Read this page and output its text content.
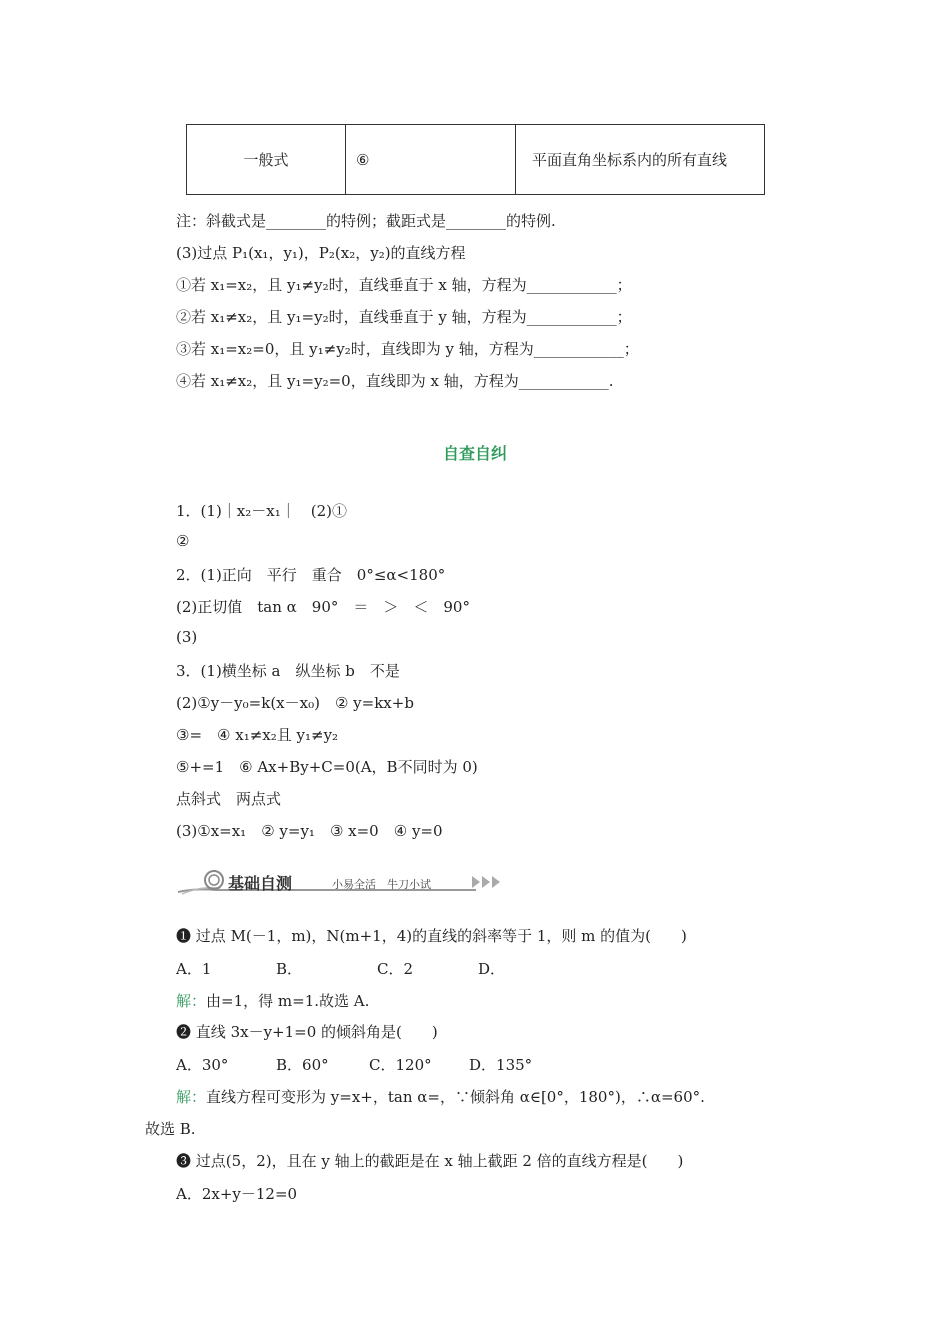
一般式	⑥	平面直角坐标系内的所有直线
注：斜截式是________的特例；截距式是________的特例.
(3)过点 P₁(x₁，y₁)，P₂(x₂，y₂)的直线方程
①若 x₁=x₂，且 y₁≠y₂时，直线垂直于 x 轴，方程为____________；
②若 x₁≠x₂，且 y₁=y₂时，直线垂直于 y 轴，方程为____________；
③若 x₁=x₂=0，且 y₁≠y₂时，直线即为 y 轴，方程为____________；
④若 x₁≠x₂，且 y₁=y₂=0，直线即为 x 轴，方程为____________.
自查自纠
1．(1)｜x₂－x₁｜　(2)①
②
2．(1)正向　平行　重合　0°≤α<180°
(2)正切值　tan α　90°　＝　＞　＜　90°
(3)
3．(1)横坐标 a　纵坐标 b　不是
(2)①y－y₀=k(x－x₀)　② y=kx+b
③=　④ x₁≠x₂且 y₁≠y₂
⑤+=1　⑥ Ax+By+C=0(A，B不同时为 0)
点斜式　两点式
(3)①x=x₁　② y=y₁　③ x=0　④ y=0
基础自测	小易全活　牛刀小试
❶ 过点 M(－1，m)，N(m+1，4)的直线的斜率等于 1，则 m 的值为(　　)
A．1	B．	C．2	D．
解：由=1，得 m=1.故选 A.
❷ 直线 3x－y+1=0 的倾斜角是(　　)
A．30°	B．60°	C．120° D．135°
解：直线方程可变形为 y=x+，tan α=，∵倾斜角 α∈[0°，180°)，∴α=60°.
故选 B.
❸ 过点(5，2)，且在 y 轴上的截距是在 x 轴上截距 2 倍的直线方程是(　　)
A．2x+y－12=0
